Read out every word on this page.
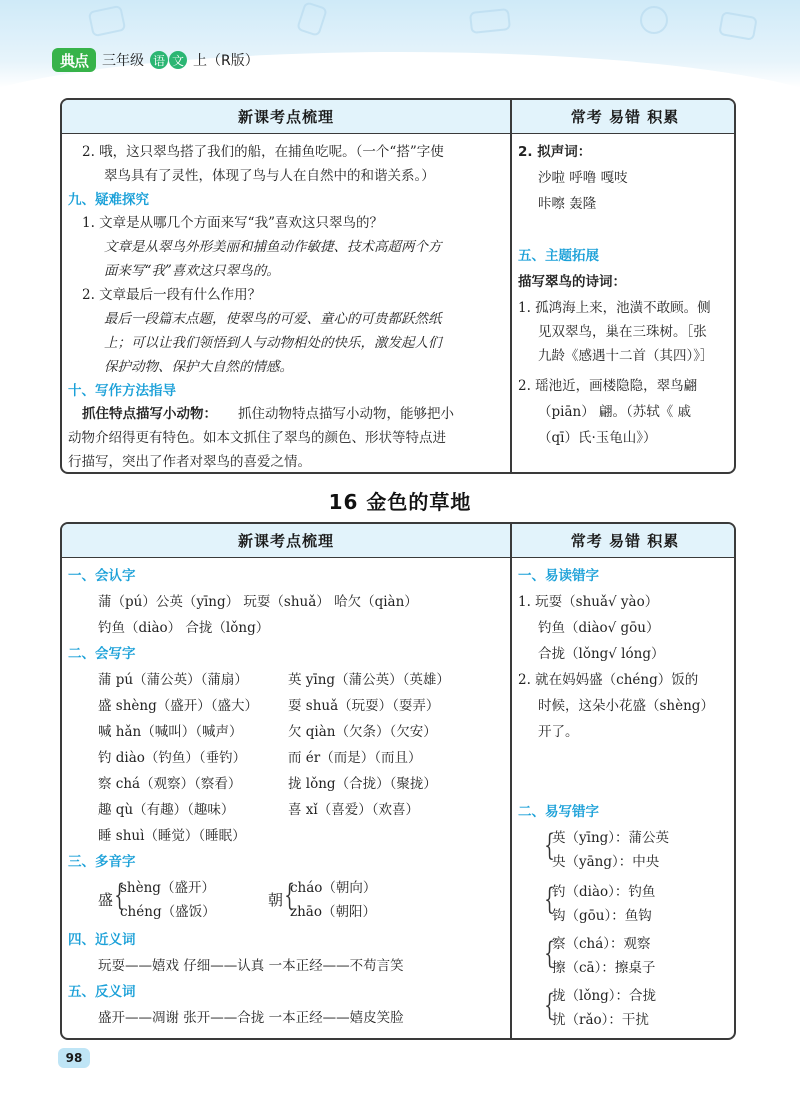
典点	三年级 语 文 上（R版）
新课考点梳理	常考 易错 积累
2. 哦，这只翠鸟搭了我们的船，在捕鱼吃呢。（一个“搭”字使
翠鸟具有了灵性，体现了鸟与人在自然中的和谐关系。）
九、疑难探究
1. 文章是从哪几个方面来写“我”喜欢这只翠鸟的？
文章是从翠鸟外形美丽和捕鱼动作敏捷、技术高超两个方
面来写“我”喜欢这只翠鸟的。
2. 文章最后一段有什么作用？
最后一段篇末点题，使翠鸟的可爱、童心的可贵都跃然纸
上；可以让我们领悟到人与动物相处的快乐，激发起人们
保护动物、保护大自然的情感。
十、写作方法指导
抓住特点描写小动物： 抓住动物特点描写小动物，能够把小
动物介绍得更有特色。如本文抓住了翠鸟的颜色、形状等特点进
行描写，突出了作者对翠鸟的喜爱之情。
2. 拟声词：
沙啦 呼噜 嘎吱
咔嚓 轰隆
五、主题拓展
描写翠鸟的诗词：
1. 孤鸿海上来，池潢不敢顾。侧
见双翠鸟，巢在三珠树。［张
九龄《感遇十二首（其四）》］
2. 瑶池近，画楼隐隐，翠鸟翩
（piān） 翩。（苏轼《 戚
（qī）氏·玉龟山》）
16 金色的草地
新课考点梳理	常考 易错 积累
一、会认字
蒲（pú）公英（yīng） 玩耍（shuǎ） 哈欠（qiàn）
钓鱼（diào） 合拢（lǒng）
二、会写字
蒲 pú（蒲公英）（蒲扇）	英 yīng（蒲公英）（英雄）
盛 shèng（盛开）（盛大） 耍 shuǎ（玩耍）（耍弄）
喊 hǎn（喊叫）（喊声）	欠 qiàn（欠条）（欠安）
钓 diào（钓鱼）（垂钓）	而 ér（而是）（而且）
察 chá（观察）（察看）	拢 lǒng（合拢）（聚拢）
趣 qù（有趣）（趣味）	喜 xǐ（喜爱）（欢喜）
睡 shuì（睡觉）（睡眠）
三、多音字
盛 {
shèng（盛开）
chéng（盛饭）
朝 {
cháo（朝向）
zhāo（朝阳）
四、近义词
玩耍——嬉戏 仔细——认真 一本正经——不苟言笑
五、反义词
盛开——凋谢 张开——合拢 一本正经——嬉皮笑脸
一、易读错字
1. 玩耍（shuǎ√ yào）
钓鱼（diào√ gōu）
合拢（lǒng√ lóng）
2. 就在妈妈盛（chéng）饭的
时候，这朵小花盛（shèng）
开了。
二、易写错字
{
英（yīng）：蒲公英
央（yāng）：中央
{
钓（diào）：钓鱼
钩（gōu）：鱼钩
{
察（chá）：观察
擦（cā）：擦桌子
{
拢（lǒng）：合拢
扰（rǎo）：干扰
98
